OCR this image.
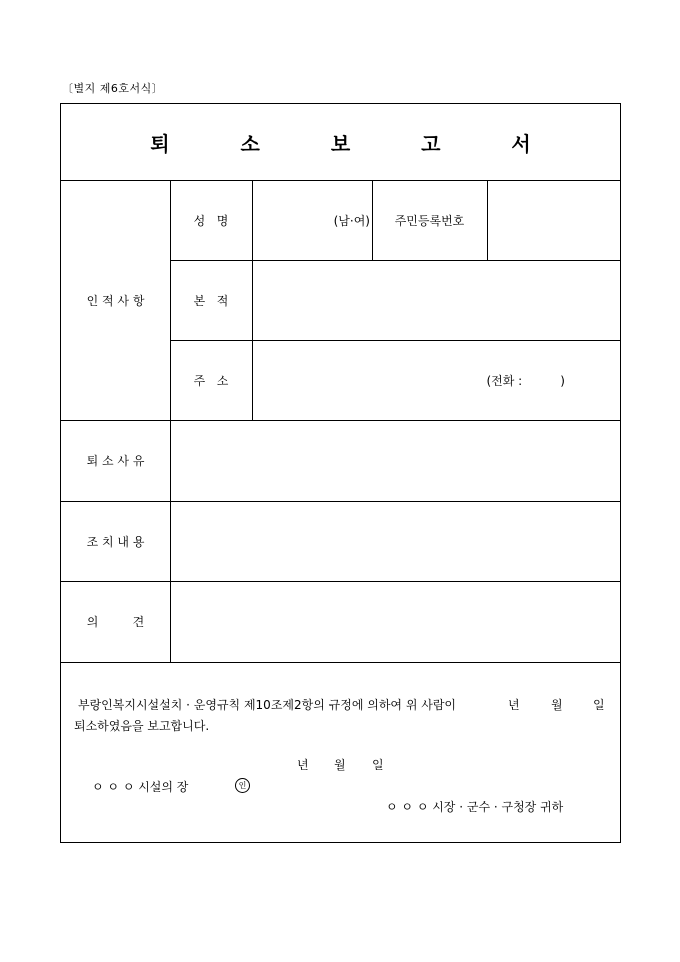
〔별지 제6호서식〕
퇴 소 보 고 서
인 적 사 항
성   명	(남·여)	주민등록번호
본   적
주   소	(전화 :          )
퇴 소 사 유
조 치 내 용
의         견
부랑인복지시설설치 · 운영규칙 제10조제2항의 규정에 의하여 위 사람이	년	월	일
퇴소하였음을 보고합니다.
년 월 일
ㅇ ㅇ ㅇ 시설의 장	인
ㅇ ㅇ ㅇ 시장 · 군수 · 구청장 귀하
